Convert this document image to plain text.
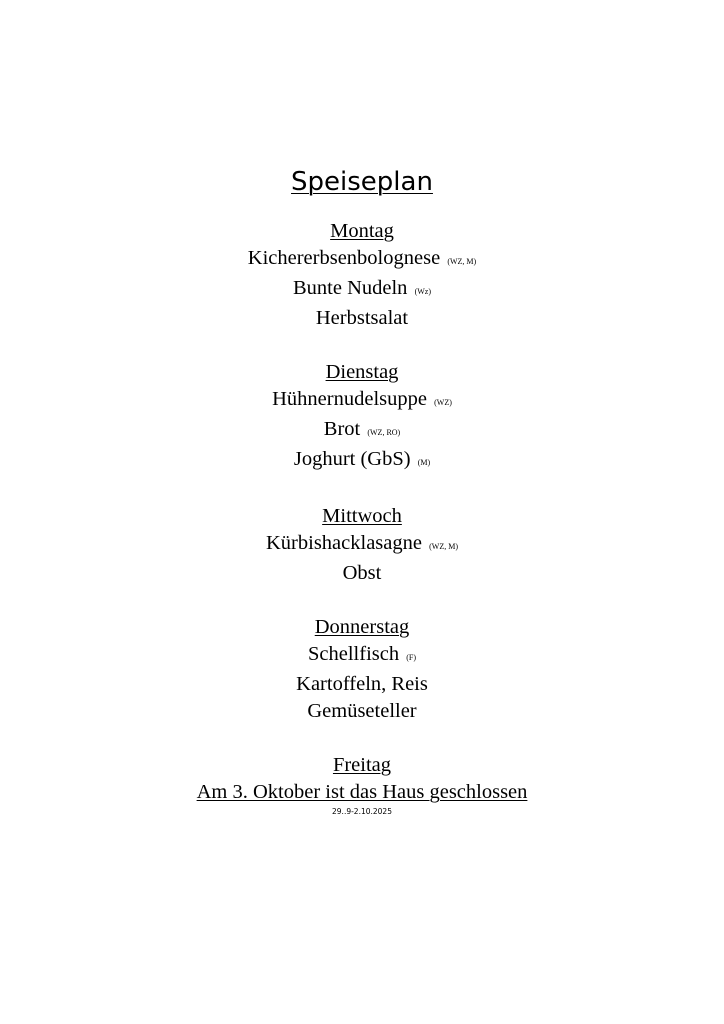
Speiseplan
Montag
Kichererbsenbolognese (WZ, M)
Bunte Nudeln (Wz)
Herbstsalat
Dienstag
Hühnernudelsuppe (WZ)
Brot (WZ, RO)
Joghurt (GbS) (M)
Mittwoch
Kürbishacklasagne (WZ, M)
Obst
Donnerstag
Schellfisch (F)
Kartoffeln, Reis
Gemüseteller
Freitag
Am 3. Oktober ist das Haus geschlossen
29..9-2.10.2025
